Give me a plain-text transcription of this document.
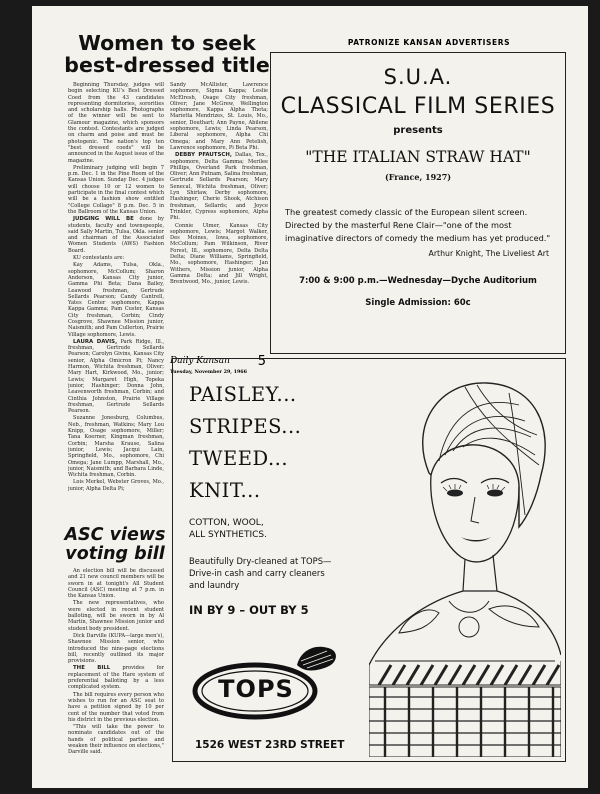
Women to seek
best-dressed title

Beginning Thursday, judges will begin selecting KU's Best Dressed Coed from the 43 candidates representing dormitories, sororities and scholarship halls. Photographs of the winner will be sent to Glamour magazine, which sponsors the contest. Contestants are judged on charm and poise and must be photogenic. The nation's top ten "best dressed coeds" will be announced in the August issue of the magazine.

Preliminary judging will begin 7 p.m. Dec. 1 in the Pine Room of the Kansas Union. Sunday Dec. 4 judges will choose 10 or 12 women to participate in the final contest which will be a fashion show entitled "College Collage" 8 p.m. Dec. 5 in the Ballroom of the Kansas Union.

JUDGING WILL BE done by students, faculty and townspeople, said Sally Martin, Tulsa, Okla. senior and chairman of the Associated Women Students (AWS) Fashion Board.

KU contestants are:

Kay Adams, Tulsa, Okla., sophomore, McCollum; Sharon Anderson, Kansas City junior, Gamma Phi Beta; Dana Bailey, Leawood freshman, Gertrude Sellards Pearson; Candy Cantrell, Yates Center sophomore, Kappa Kappa Gamma; Pam Custer, Kansas City freshman, Corbin; Cindy Cosgrove, Shawnee Mission junior, Naismith; and Pam Cullerton, Prairie Village sophomore, Lewis.

LAURA DAVIS, Park Ridge, Ill., freshman, Gertrude Sellards Pearson; Carolyn Givins, Kansas City senior, Alpha Omicron Pi; Nancy Harmon, Wichita freshman, Oliver; Mary Hart, Kirkwood, Mo., junior; Lewis; Margaret High, Topeka junior, Hashinger; Donna John, Leavenworth freshman, Corbin; and Cinthia Johnston, Prairie Village freshman, Gertrude Sellards Pearson.

Suzanne Jonesburg, Columbus, Neb., freshman, Watkins; Mary Lou Knipp, Osage sophomore, Miller; Tana Koerner, Kingman freshman, Corbin; Marsha Krause, Salina junior, Lewis; Jacqui Lain, Springfield, Mo., sophomore, Chi Omega; Jane Lumpp, Marshall, Mo., junior, Naismith; and Barbara Linde, Wichita freshman, Corbin.

Lois Merkel, Webster Groves, Mo., junior, Alpha Delta Pi;

Sandy McAllister, Lawrence sophomore, Sigma Kappa; Leslie McElresh, Osage City freshman, Oliver; Jane McGrew, Wellington sophomore, Kappa Alpha Theta; Marietta Mendrizes, St. Louis, Mo., senior, Douthart; Ann Payne, Abilene sophomore, Lewis; Linda Pearson, Liberal sophomore, Alpha Chi Omega; and Mary Ann Petelish, Lawrence sophomore, Pi Beta Phi.

DEBBY PFAUTSCH, Dallas, Tex., sophomore, Delta Gamma; Merilee Phillips, Overland Park freshman, Oliver; Ann Putnam, Salina freshman, Gertrude Sellards Pearson; Mary Senecal, Wichita freshman, Oliver; Lyn Shirlaw, Derby sophomore, Hashinger; Cherie Shook, Atchison freshman, Sellards; and Joyce Trinkler, Cypress sophomore, Alpha Phi.

Connie Ulmer, Kansas City sophomore, Lewis; Margot Walker, Des Moines, Iowa, sophomore, McCollum; Pam Wilkinson, River Forest, Ill., sophomore, Delta Delta Delta; Diane Williams, Springfield, Mo., sophomore, Hashinger; Jan Withers, Mission junior, Alpha Gamma Delta; and Jill Wright, Brentwood, Mo., junior, Lewis.

Daily Kansan 5
Tuesday, November 29, 1966
ASC views
voting bill

An election bill will be discussed and 21 new council members will be sworn in at tonight's All Student Council (ASC) meeting at 7 p.m. in the Kansas Union.

The new representatives, who were elected in recent student balloting, will be sworn in by Al Martin, Shawnee Mission junior and student body president.

Dick Darville (KUPA—large men's), Shawnee Mission senior, who introduced the nine-page elections bill, recently outlined its major provisions.

THE BILL provides for replacement of the Hare system of preferential balloting by a less complicated system.

The bill requires every person who wishes to run for an ASC seat to have a petition signed by 10 per cent of the number that voted from his district in the previous election.

"This will take the power to nominate candidates out of the hands of political parties and weaken their influence on elections," Darville said.

PATRONIZE KANSAN ADVERTISERS
S.U.A.
CLASSICAL FILM SERIES
presents
"THE ITALIAN STRAW HAT"
(France, 1927)
The greatest comedy classic of the European silent screen. Directed by the masterful Rene Clair—"one of the most imaginative directors of comedy the medium has yet produced."
Arthur Knight, The Liveliest Art
7:00 & 9:00 p.m.—Wednesday—Dyche Auditorium
Single Admission: 60c
PAISLEY...
STRIPES...
TWEED...
KNIT...
COTTON, WOOL,
ALL SYNTHETICS.
Beautifully Dry-cleaned at TOPS—
Drive-in cash and carry cleaners
and laundry
IN BY 9 – OUT BY 5
TOPS
1526 WEST 23RD STREET
